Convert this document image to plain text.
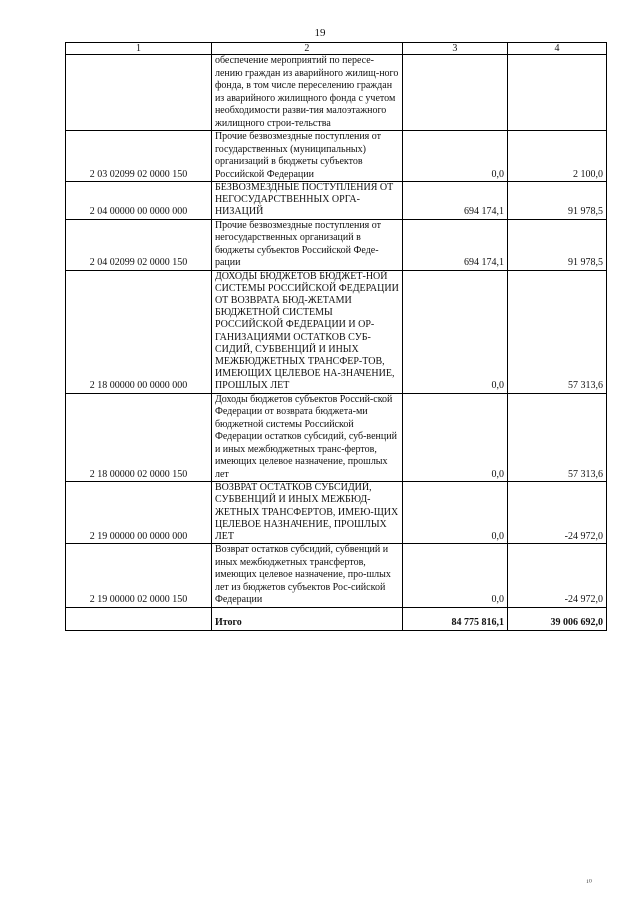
19
1	2	3	4
	обеспечение мероприятий по пересе-лению граждан из аварийного жилищ-ного фонда, в том числе переселению граждан из аварийного жилищного фонда с учетом необходимости разви-тия малоэтажного жилищного строи-тельства		
2 03 02099 02 0000 150	Прочие безвозмездные поступления от государственных (муниципальных) организаций в бюджеты субъектов Российской Федерации	0,0	2 100,0
2 04 00000 00 0000 000	БЕЗВОЗМЕЗДНЫЕ ПОСТУПЛЕНИЯ ОТ НЕГОСУДАРСТВЕННЫХ ОРГА-НИЗАЦИЙ	694 174,1	91 978,5
2 04 02099 02 0000 150	Прочие безвозмездные поступления от негосударственных организаций в бюджеты субъектов Российской Феде-рации	694 174,1	91 978,5
2 18 00000 00 0000 000	ДОХОДЫ БЮДЖЕТОВ БЮДЖЕТ-НОЙ СИСТЕМЫ РОССИЙСКОЙ ФЕДЕРАЦИИ ОТ ВОЗВРАТА БЮД-ЖЕТАМИ БЮДЖЕТНОЙ СИСТЕМЫ РОССИЙСКОЙ ФЕДЕРАЦИИ И ОР-ГАНИЗАЦИЯМИ ОСТАТКОВ СУБ-СИДИЙ, СУБВЕНЦИЙ И ИНЫХ МЕЖБЮДЖЕТНЫХ ТРАНСФЕР-ТОВ, ИМЕЮЩИХ ЦЕЛЕВОЕ НА-ЗНАЧЕНИЕ, ПРОШЛЫХ ЛЕТ	0,0	57 313,6
2 18 00000 02 0000 150	Доходы бюджетов субъектов Россий-ской Федерации от возврата бюджета-ми бюджетной системы Российской Федерации остатков субсидий, суб-венций и иных межбюджетных транс-фертов, имеющих целевое назначение, прошлых лет	0,0	57 313,6
2 19 00000 00 0000 000	ВОЗВРАТ ОСТАТКОВ СУБСИДИЙ, СУБВЕНЦИЙ И ИНЫХ МЕЖБЮД-ЖЕТНЫХ ТРАНСФЕРТОВ, ИМЕЮ-ЩИХ ЦЕЛЕВОЕ НАЗНАЧЕНИЕ, ПРОШЛЫХ ЛЕТ	0,0	-24 972,0
2 19 00000 02 0000 150	Возврат остатков субсидий, субвенций и иных межбюджетных трансфертов, имеющих целевое назначение, про-шлых лет из бюджетов субъектов Рос-сийской Федерации	0,0	-24 972,0
	Итого	84 775 816,1	39 006 692,0
¹⁰
